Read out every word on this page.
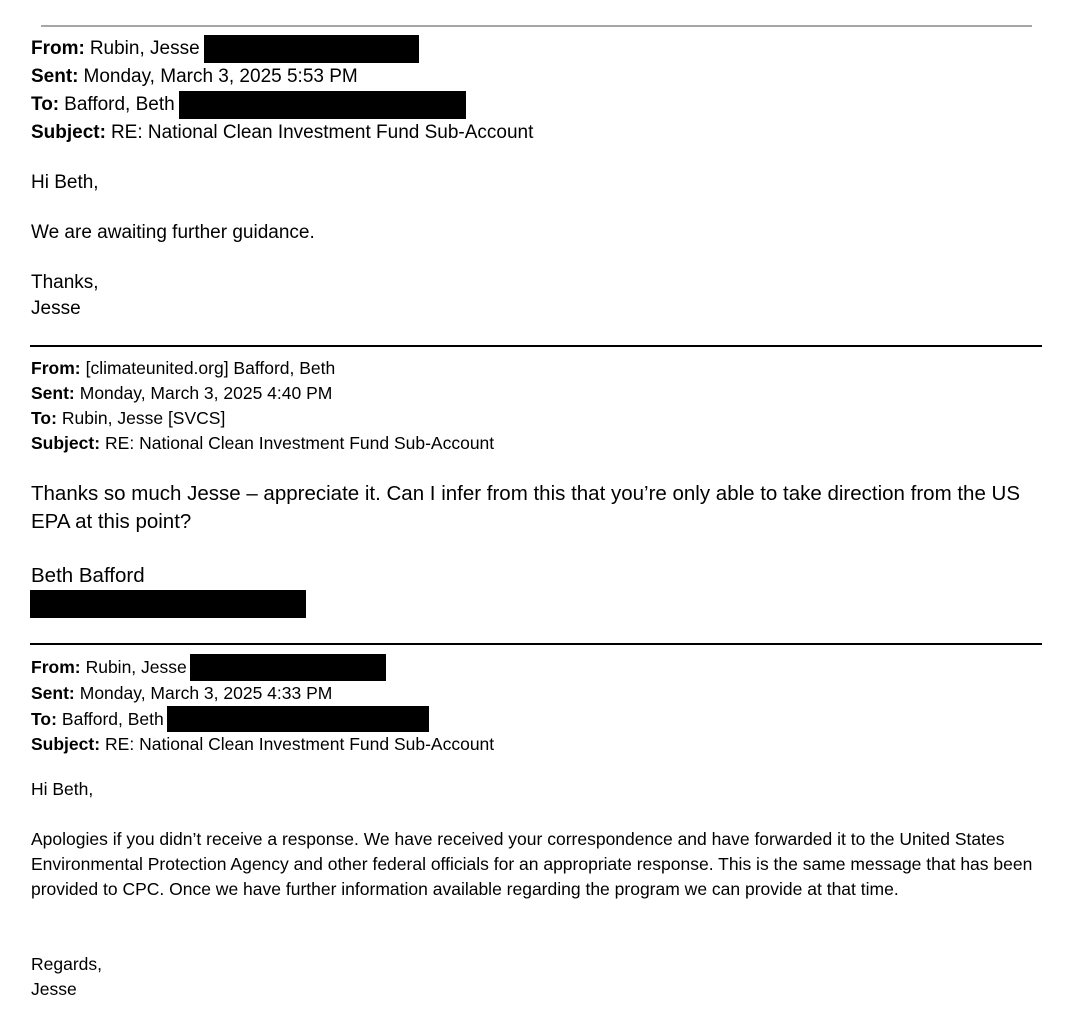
From: Rubin, Jesse
Sent: Monday, March 3, 2025 5:53 PM
To: Bafford, Beth
Subject: RE: National Clean Investment Fund Sub-Account
Hi Beth,
We are awaiting further guidance.
Thanks,
Jesse
From: [climateunited.org] Bafford, Beth
Sent: Monday, March 3, 2025 4:40 PM
To: Rubin, Jesse [SVCS]
Subject: RE: National Clean Investment Fund Sub-Account
Thanks so much Jesse – appreciate it. Can I infer from this that you’re only able to take direction from the US EPA at this point?
Beth Bafford
From: Rubin, Jesse
Sent: Monday, March 3, 2025 4:33 PM
To: Bafford, Beth
Subject: RE: National Clean Investment Fund Sub-Account
Hi Beth,
Apologies if you didn’t receive a response. We have received your correspondence and have forwarded it to the United States Environmental Protection Agency and other federal officials for an appropriate response. This is the same message that has been provided to CPC. Once we have further information available regarding the program we can provide at that time.
Regards,
Jesse
